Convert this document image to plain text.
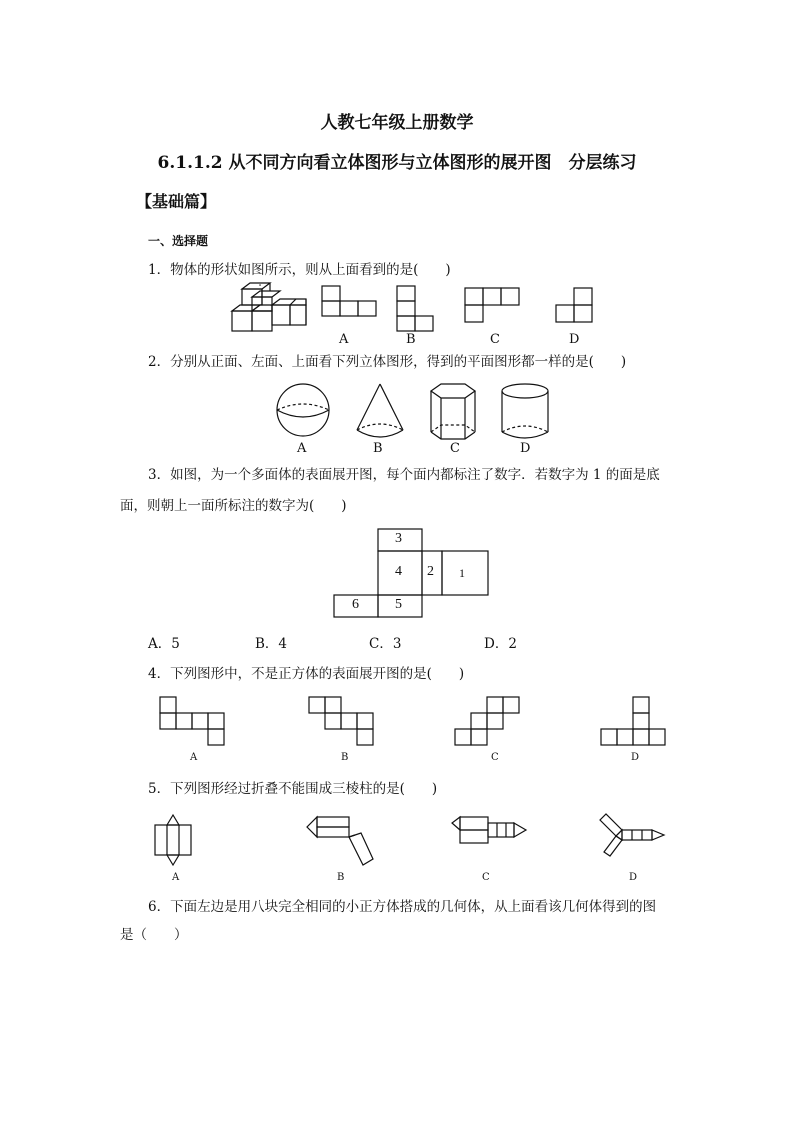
人教七年级上册数学
6.1.1.2 从不同方向看立体图形与立体图形的展开图　分层练习
【基础篇】
一、选择题
1．物体的形状如图所示，则从上面看到的是(　　)
A	B	C	D
2．分别从正面、左面、上面看下列立体图形，得到的平面图形都一样的是(　　)
A	B	C	D
3．如图，为一个多面体的表面展开图，每个面内都标注了数字．若数字为 1 的面是底
面，则朝上一面所标注的数字为(　　)
3
4 2 1
6	5
A．5	B．4	C．3	D．2
4．下列图形中，不是正方体的表面展开图的是(　　)
A	B	C	D
5．下列图形经过折叠不能围成三棱柱的是(　　)
A	B	C	D
6．下面左边是用八块完全相同的小正方体搭成的几何体，从上面看该几何体得到的图
是（　　）
